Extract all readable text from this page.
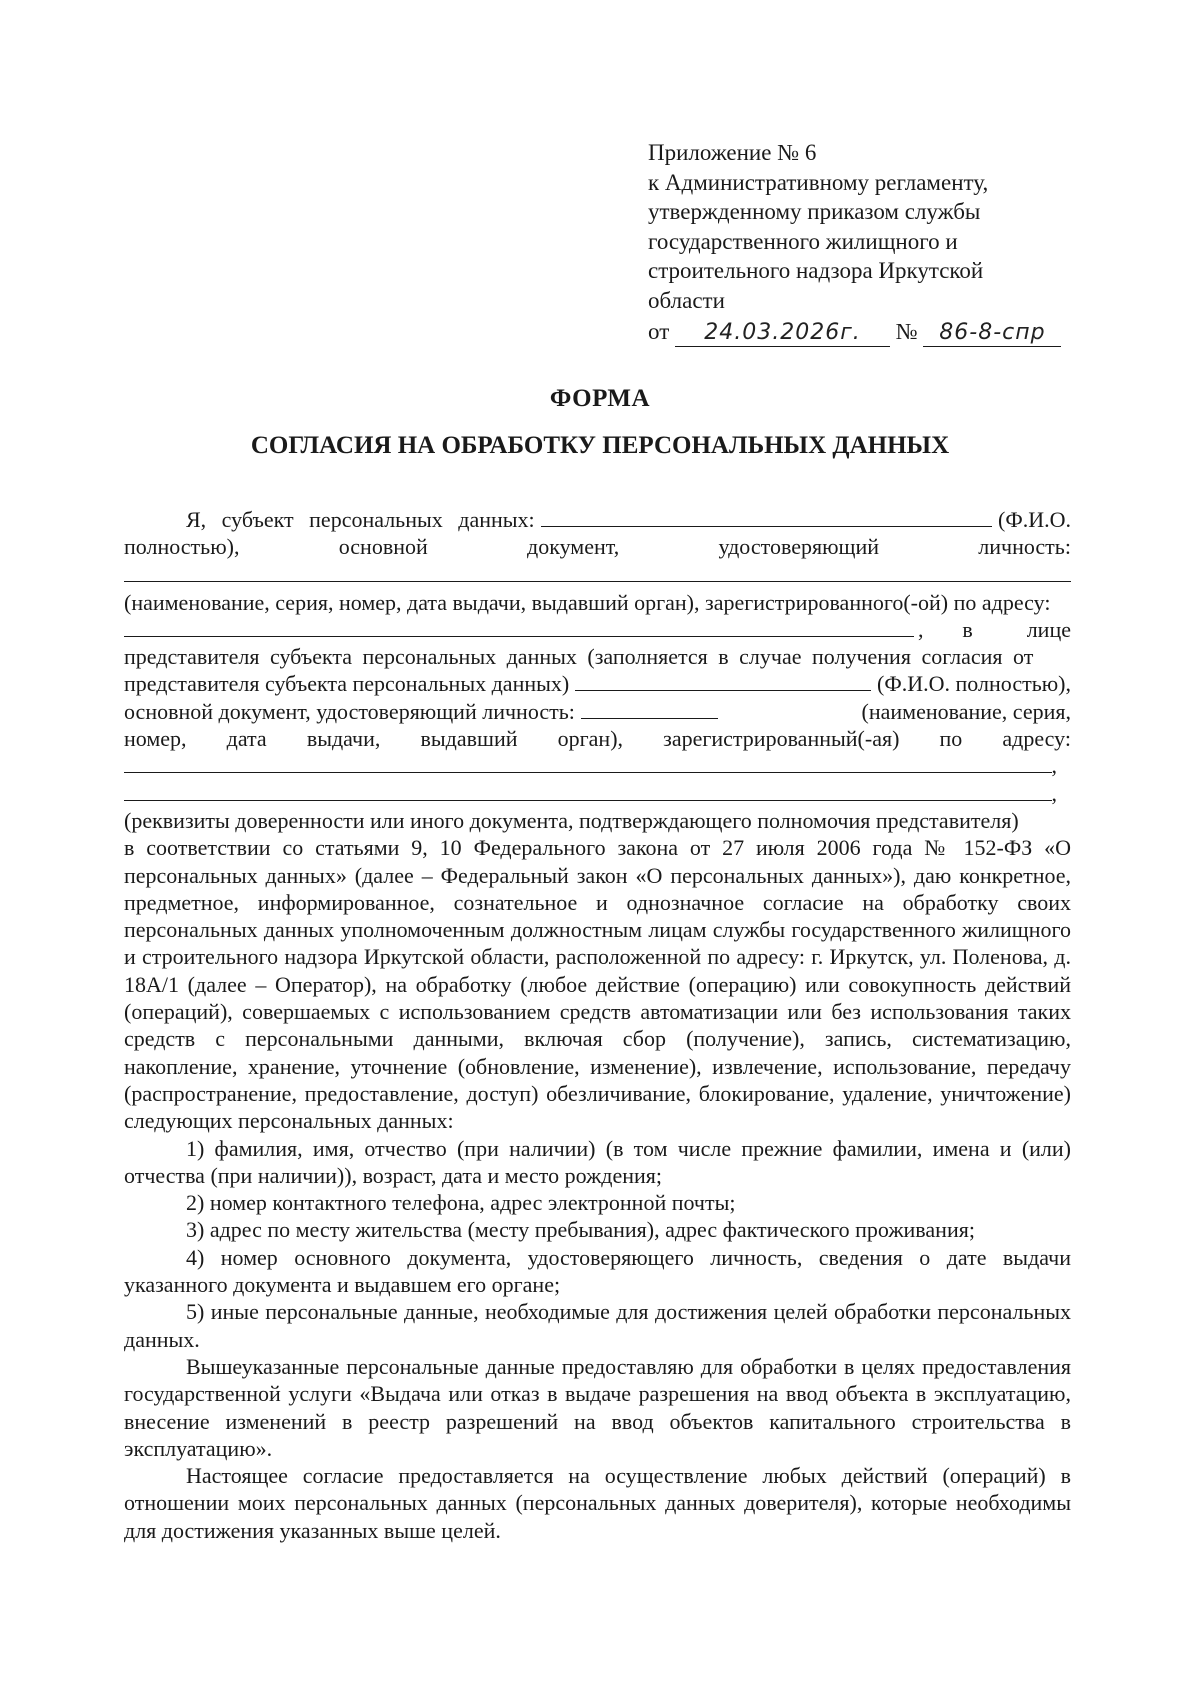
Приложение № 6
к Административному регламенту,
утвержденному приказом службы
государственного жилищного и
строительного надзора Иркутской
области
от 24.03.2026г. № 86-8-спр
ФОРМА
СОГЛАСИЯ НА ОБРАБОТКУ ПЕРСОНАЛЬНЫХ ДАННЫХ
Я, субъект персональных данных:	(Ф.И.О.
полностью),	основной	документ,	удостоверяющий	личность:
(наименование, серия, номер, дата выдачи, выдавший орган), зарегистрированного(-ой) по адресу:
, в лице
представителя субъекта персональных данных (заполняется в случае получения согласия от
представителя субъекта персональных данных)	(Ф.И.О. полностью),
основной документ, удостоверяющий личность:	(наименование, серия,
номер, дата выдачи, выдавший орган), зарегистрированный(-ая) по адресу:
,
,
(реквизиты доверенности или иного документа, подтверждающего полномочия представителя)

в соответствии со статьями 9, 10 Федерального закона от 27 июля 2006 года № 152-ФЗ «О персональных данных» (далее – Федеральный закон «О персональных данных»), даю конкретное, предметное, информированное, сознательное и однозначное согласие на обработку своих персональных данных уполномоченным должностным лицам службы государственного жилищного и строительного надзора Иркутской области, расположенной по адресу: г. Иркутск, ул. Поленова, д. 18А/1 (далее – Оператор), на обработку (любое действие (операцию) или совокупность действий (операций), совершаемых с использованием средств автоматизации или без использования таких средств с персональными данными, включая сбор (получение), запись, систематизацию, накопление, хранение, уточнение (обновление, изменение), извлечение, использование, передачу (распространение, предоставление, доступ) обезличивание, блокирование, удаление, уничтожение) следующих персональных данных:

1) фамилия, имя, отчество (при наличии) (в том числе прежние фамилии, имена и (или) отчества (при наличии)), возраст, дата и место рождения;

2) номер контактного телефона, адрес электронной почты;

3) адрес по месту жительства (месту пребывания), адрес фактического проживания;

4) номер основного документа, удостоверяющего личность, сведения о дате выдачи указанного документа и выдавшем его органе;

5) иные персональные данные, необходимые для достижения целей обработки персональных данных.

Вышеуказанные персональные данные предоставляю для обработки в целях предоставления государственной услуги «Выдача или отказ в выдаче разрешения на ввод объекта в эксплуатацию, внесение изменений в реестр разрешений на ввод объектов капитального строительства в эксплуатацию».

Настоящее согласие предоставляется на осуществление любых действий (операций) в отношении моих персональных данных (персональных данных доверителя), которые необходимы для достижения указанных выше целей.
